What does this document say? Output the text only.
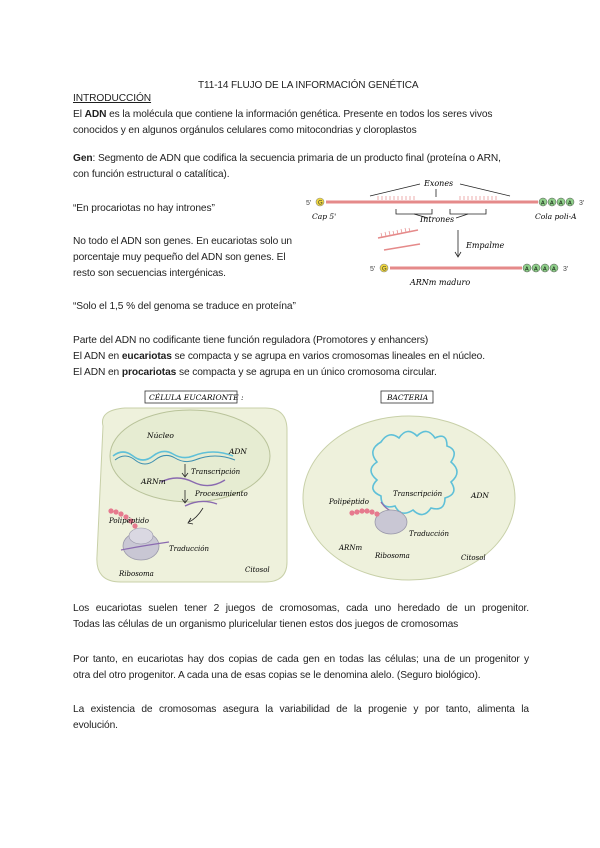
T11-14 FLUJO DE LA INFORMACIÓN GENÉTICA
INTRODUCCIÓN
El ADN es la molécula que contiene la información genética. Presente en todos los seres vivos
conocidos y en algunos orgánulos celulares como mitocondrias y cloroplastos
Gen: Segmento de ADN que codifica la secuencia primaria de un producto final (proteína o ARN,
con función estructural o catalítica).
“En procariotas no hay intrones”
No todo el ADN son genes. En eucariotas solo un
porcentaje muy pequeño del ADN son genes. El
resto son secuencias intergénicas.
“Solo el 1,5 % del genoma se traduce en proteína”
Parte del ADN no codificante tiene función reguladora (Promotores y enhancers)
El ADN en eucariotas se compacta y se agrupa en varios cromosomas lineales en el núcleo.
El ADN en procariotas se compacta y se agrupa en un único cromosoma circular.
5' G	A A A A 3'
Exones
Intrones
Cap 5'	Cola poli-A
Empalme
5' G	A A A A 3'
ARNm maduro
CÉLULA EUCARIONTE :	BACTERIA
Núcleo
ADN
Transcripción
ARNm
Procesamiento
Polipéptido
Traducción
Ribosoma	Citosol
Transcripción	ADN
Polipéptido
Traducción
ARNm
Ribosoma	Citosol
Los eucariotas suelen tener 2 juegos de cromosomas, cada uno heredado de un progenitor.
Todas las células de un organismo pluricelular tienen estos dos juegos de cromosomas
Por tanto, en eucariotas hay dos copias de cada gen en todas las células; una de un progenitor y
otra del otro progenitor. A cada una de esas copias se le denomina alelo. (Seguro biológico).
La existencia de cromosomas asegura la variabilidad de la progenie y por tanto, alimenta la
evolución.
